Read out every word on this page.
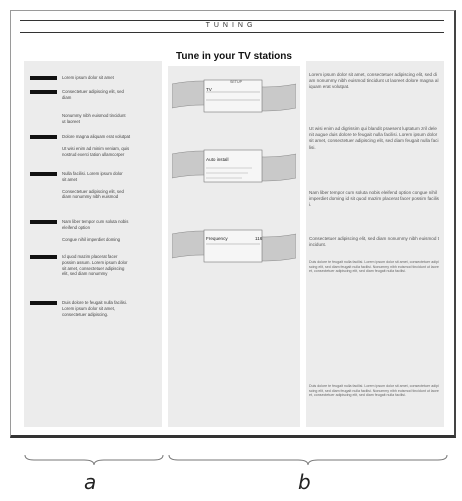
TUNING
Tune in your TV stations
Lorem ipsum dolor sit amet
Consectetuer adipiscing elit, sed
diam
Nonummy nibh euismod tincidunt
ut laoreet
Dolore magna aliquam erat volutpat
Ut wisi enim ad minim veniam, quis
nostrud exerci tation ullamcorper
Nulla facilisi. Lorem ipsum dolor
sit amet
Consectetuer adipiscing elit, sed
diam nonummy nibh euismod
Nam liber tempor cum soluta nobis
eleifend option
Congue nihil imperdiet doming
Id quod mazim placerat facer
possim assum. Lorem ipsum dolor
sit amet, consectetuer adipiscing
elit, sed diam nonummy
Duis dolore te feugait nulla facilisi.
Lorem ipsum dolor sit amet,
consectetuer adipiscing.
SETUP
TV
Auto install
Frequency	116
Lorem ipsum dolor sit amet, consectetuer adipiscing elit, sed diam nonummy nibh euismod tincidunt ut laoreet dolore magna aliquam erat volutpat.
Ut wisi enim ad digrissim qui blandit praesent luptatum zril delenit augue duis dolore te feugait nulla facilisi. Lorem ipsum dolor sit amet, consectetuer adipiscing elit, sed diam feugait nulla facilisi.
Nam liber tempor cum soluta nobis eleifend option congue nihil imperdiet doming id sit quod mazim placerat facer possim facilisi.
Consectetuer adipiscing elit, sed diam nonummy nibh euismod tincidunt.
Duis dolore te feugait nulla facilisi. Lorem ipsum dolor sit amet, consectetuer adipiscing elit, sed diam feugait nulla facilisi. Nonummy nibh euismod tincidunt ut laoreet, consectetuer adipiscing elit, sed diam feugait nulla facilisi.
Duis dolore te feugait nulla facilisi. Lorem ipsum dolor sit amet, consectetuer adipiscing elit, sed diam feugait nulla facilisi. Nonummy nibh euismod tincidunt ut laoreet, consectetuer adipiscing elit, sed diam feugait nulla facilisi.
a	b
